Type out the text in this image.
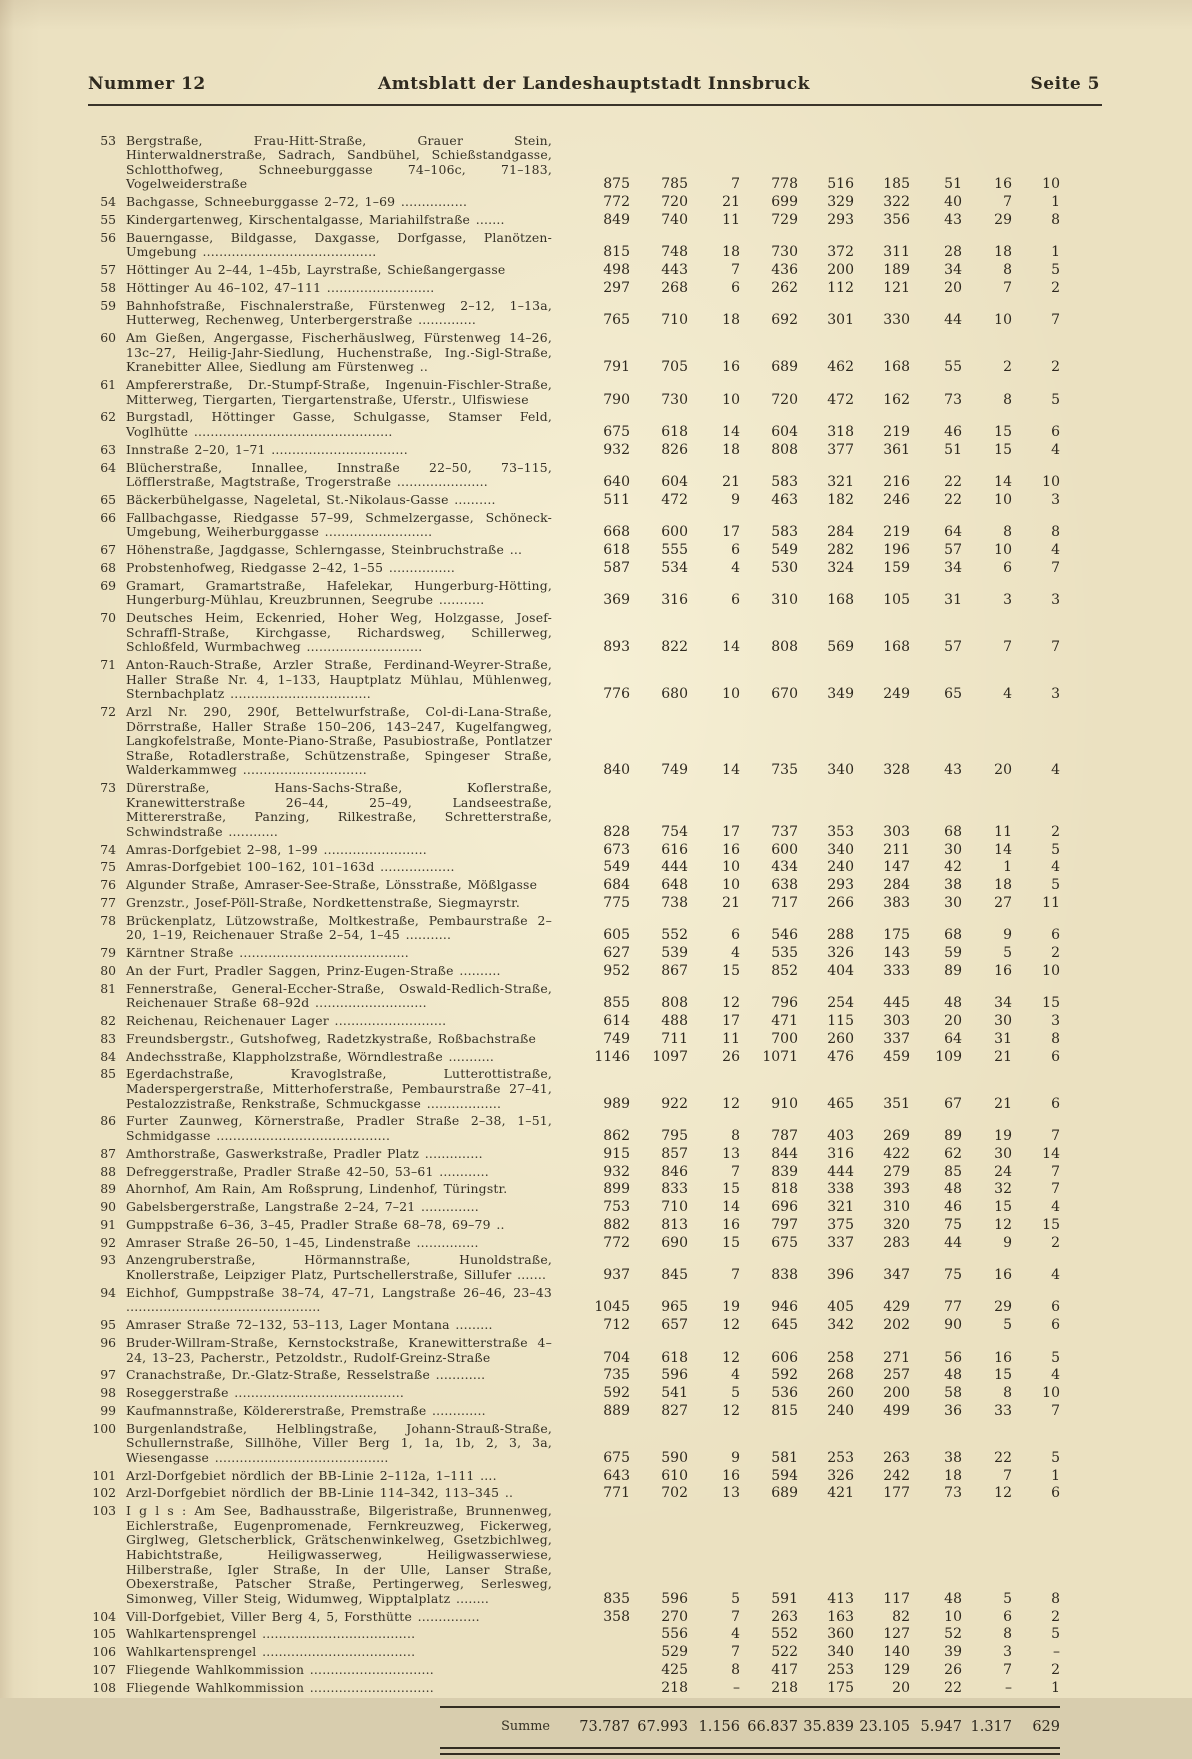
Nummer 12	Amtsblatt der Landeshauptstadt Innsbruck	Seite 5
53	Bergstraße, Frau-Hitt-Straße, Grauer Stein, Hinterwaldnerstraße, Sadrach, Sandbühel, Schießstandgasse, Schlotthofweg, Schneeburggasse 74–106c, 71–183, Vogelweiderstraße	875	785	7	778	516	185	51	16	10
54	Bachgasse, Schneeburggasse 2–72, 1–69 ................	772	720	21	699	329	322	40	7	1
55	Kindergartenweg, Kirschentalgasse, Mariahilfstraße .......	849	740	11	729	293	356	43	29	8
56	Bauerngasse, Bildgasse, Daxgasse, Dorfgasse, Planötzen-Umgebung ..........................................	815	748	18	730	372	311	28	18	1
57	Höttinger Au 2–44, 1–45b, Layrstraße, Schießangergasse	498	443	7	436	200	189	34	8	5
58	Höttinger Au 46–102, 47–111 ..........................	297	268	6	262	112	121	20	7	2
59	Bahnhofstraße, Fischnalerstraße, Fürstenweg 2–12, 1–13a, Hutterweg, Rechenweg, Unterbergerstraße ..............	765	710	18	692	301	330	44	10	7
60	Am Gießen, Angergasse, Fischerhäuslweg, Fürstenweg 14–26, 13c–27, Heilig-Jahr-Siedlung, Huchenstraße, Ing.-Sigl-Straße, Kranebitter Allee, Siedlung am Fürstenweg ..	791	705	16	689	462	168	55	2	2
61	Ampfererstraße, Dr.-Stumpf-Straße, Ingenuin-Fischler-Straße, Mitterweg, Tiergarten, Tiergartenstraße, Uferstr., Ulfiswiese	790	730	10	720	472	162	73	8	5
62	Burgstadl, Höttinger Gasse, Schulgasse, Stamser Feld, Voglhütte ................................................	675	618	14	604	318	219	46	15	6
63	Innstraße 2–20, 1–71 .................................	932	826	18	808	377	361	51	15	4
64	Blücherstraße, Innallee, Innstraße 22–50, 73–115, Löfflerstraße, Magtstraße, Trogerstraße ......................	640	604	21	583	321	216	22	14	10
65	Bäckerbühelgasse, Nageletal, St.-Nikolaus-Gasse ..........	511	472	9	463	182	246	22	10	3
66	Fallbachgasse, Riedgasse 57–99, Schmelzergasse, Schöneck-Umgebung, Weiherburggasse ..........................	668	600	17	583	284	219	64	8	8
67	Höhenstraße, Jagdgasse, Schlerngasse, Steinbruchstraße ...	618	555	6	549	282	196	57	10	4
68	Probstenhofweg, Riedgasse 2–42, 1–55 ................	587	534	4	530	324	159	34	6	7
69	Gramart, Gramartstraße, Hafelekar, Hungerburg-Hötting, Hungerburg-Mühlau, Kreuzbrunnen, Seegrube ...........	369	316	6	310	168	105	31	3	3
70	Deutsches Heim, Eckenried, Hoher Weg, Holzgasse, Josef-Schraffl-Straße, Kirchgasse, Richardsweg, Schillerweg, Schloßfeld, Wurmbachweg ............................	893	822	14	808	569	168	57	7	7
71	Anton-Rauch-Straße, Arzler Straße, Ferdinand-Weyrer-Straße, Haller Straße Nr. 4, 1–133, Hauptplatz Mühlau, Mühlenweg, Sternbachplatz ..................................	776	680	10	670	349	249	65	4	3
72	Arzl Nr. 290, 290f, Bettelwurfstraße, Col-di-Lana-Straße, Dörrstraße, Haller Straße 150–206, 143–247, Kugelfangweg, Langkofelstraße, Monte-Piano-Straße, Pasubiostraße, Pontlatzer Straße, Rotadlerstraße, Schützenstraße, Spingeser Straße, Walderkammweg ..............................	840	749	14	735	340	328	43	20	4
73	Dürerstraße, Hans-Sachs-Straße, Koflerstraße, Kranewitterstraße 26–44, 25–49, Landseestraße, Mittererstraße, Panzing, Rilkestraße, Schretterstraße, Schwindstraße ............	828	754	17	737	353	303	68	11	2
74	Amras-Dorfgebiet 2–98, 1–99 .........................	673	616	16	600	340	211	30	14	5
75	Amras-Dorfgebiet 100–162, 101–163d ..................	549	444	10	434	240	147	42	1	4
76	Algunder Straße, Amraser-See-Straße, Lönsstraße, Mößlgasse	684	648	10	638	293	284	38	18	5
77	Grenzstr., Josef-Pöll-Straße, Nordkettenstraße, Siegmayrstr.	775	738	21	717	266	383	30	27	11
78	Brückenplatz, Lützowstraße, Moltkestraße, Pembaurstraße 2–20, 1–19, Reichenauer Straße 2–54, 1–45 ...........	605	552	6	546	288	175	68	9	6
79	Kärntner Straße .........................................	627	539	4	535	326	143	59	5	2
80	An der Furt, Pradler Saggen, Prinz-Eugen-Straße ..........	952	867	15	852	404	333	89	16	10
81	Fennerstraße, General-Eccher-Straße, Oswald-Redlich-Straße, Reichenauer Straße 68–92d ...........................	855	808	12	796	254	445	48	34	15
82	Reichenau, Reichenauer Lager ...........................	614	488	17	471	115	303	20	30	3
83	Freundsbergstr., Gutshofweg, Radetzkystraße, Roßbachstraße	749	711	11	700	260	337	64	31	8
84	Andechsstraße, Klappholzstraße, Wörndlestraße ...........	1146	1097	26	1071	476	459	109	21	6
85	Egerdachstraße, Kravoglstraße, Lutterottistraße, Maderspergerstraße, Mitterhoferstraße, Pembaurstraße 27–41, Pestalozzistraße, Renkstraße, Schmuckgasse ..................	989	922	12	910	465	351	67	21	6
86	Furter Zaunweg, Körnerstraße, Pradler Straße 2–38, 1–51, Schmidgasse ..........................................	862	795	8	787	403	269	89	19	7
87	Amthorstraße, Gaswerkstraße, Pradler Platz ..............	915	857	13	844	316	422	62	30	14
88	Defreggerstraße, Pradler Straße 42–50, 53–61 ............	932	846	7	839	444	279	85	24	7
89	Ahornhof, Am Rain, Am Roßsprung, Lindenhof, Türingstr.	899	833	15	818	338	393	48	32	7
90	Gabelsbergerstraße, Langstraße 2–24, 7–21 ..............	753	710	14	696	321	310	46	15	4
91	Gumppstraße 6–36, 3–45, Pradler Straße 68–78, 69–79 ..	882	813	16	797	375	320	75	12	15
92	Amraser Straße 26–50, 1–45, Lindenstraße ...............	772	690	15	675	337	283	44	9	2
93	Anzengruberstraße, Hörmannstraße, Hunoldstraße, Knollerstraße, Leipziger Platz, Purtschellerstraße, Sillufer .......	937	845	7	838	396	347	75	16	4
94	Eichhof, Gumppstraße 38–74, 47–71, Langstraße 26–46, 23–43 ...............................................	1045	965	19	946	405	429	77	29	6
95	Amraser Straße 72–132, 53–113, Lager Montana .........	712	657	12	645	342	202	90	5	6
96	Bruder-Willram-Straße, Kernstockstraße, Kranewitterstraße 4–24, 13–23, Pacherstr., Petzoldstr., Rudolf-Greinz-Straße	704	618	12	606	258	271	56	16	5
97	Cranachstraße, Dr.-Glatz-Straße, Resselstraße ............	735	596	4	592	268	257	48	15	4
98	Roseggerstraße .........................................	592	541	5	536	260	200	58	8	10
99	Kaufmannstraße, Köldererstraße, Premstraße .............	889	827	12	815	240	499	36	33	7
100	Burgenlandstraße, Helblingstraße, Johann-Strauß-Straße, Schullernstraße, Sillhöhe, Viller Berg 1, 1a, 1b, 2, 3, 3a, Wiesengasse ..........................................	675	590	9	581	253	263	38	22	5
101	Arzl-Dorfgebiet nördlich der BB-Linie 2–112a, 1–111 ....	643	610	16	594	326	242	18	7	1
102	Arzl-Dorfgebiet nördlich der BB-Linie 114–342, 113–345 ..	771	702	13	689	421	177	73	12	6
103	I g l s : Am See, Badhausstraße, Bilgeristraße, Brunnenweg, Eichlerstraße, Eugenpromenade, Fernkreuzweg, Fickerweg, Girglweg, Gletscherblick, Grätschenwinkelweg, Gsetzbichlweg, Habichtstraße, Heiligwasserweg, Heiligwasserwiese, Hilberstraße, Igler Straße, In der Ulle, Lanser Straße, Obexerstraße, Patscher Straße, Pertingerweg, Serlesweg, Simonweg, Viller Steig, Widumweg, Wipptalplatz ........	835	596	5	591	413	117	48	5	8
104	Vill-Dorfgebiet, Viller Berg 4, 5, Forsthütte ...............	358	270	7	263	163	82	10	6	2
105	Wahlkartensprengel .....................................		556	4	552	360	127	52	8	5
106	Wahlkartensprengel .....................................		529	7	522	340	140	39	3	–
107	Fliegende Wahlkommission ..............................		425	8	417	253	129	26	7	2
108	Fliegende Wahlkommission ..............................		218	–	218	175	20	22	–	1

Summe		73.787	67.993	1.156	66.837	35.839	23.105	5.947	1.317	629
